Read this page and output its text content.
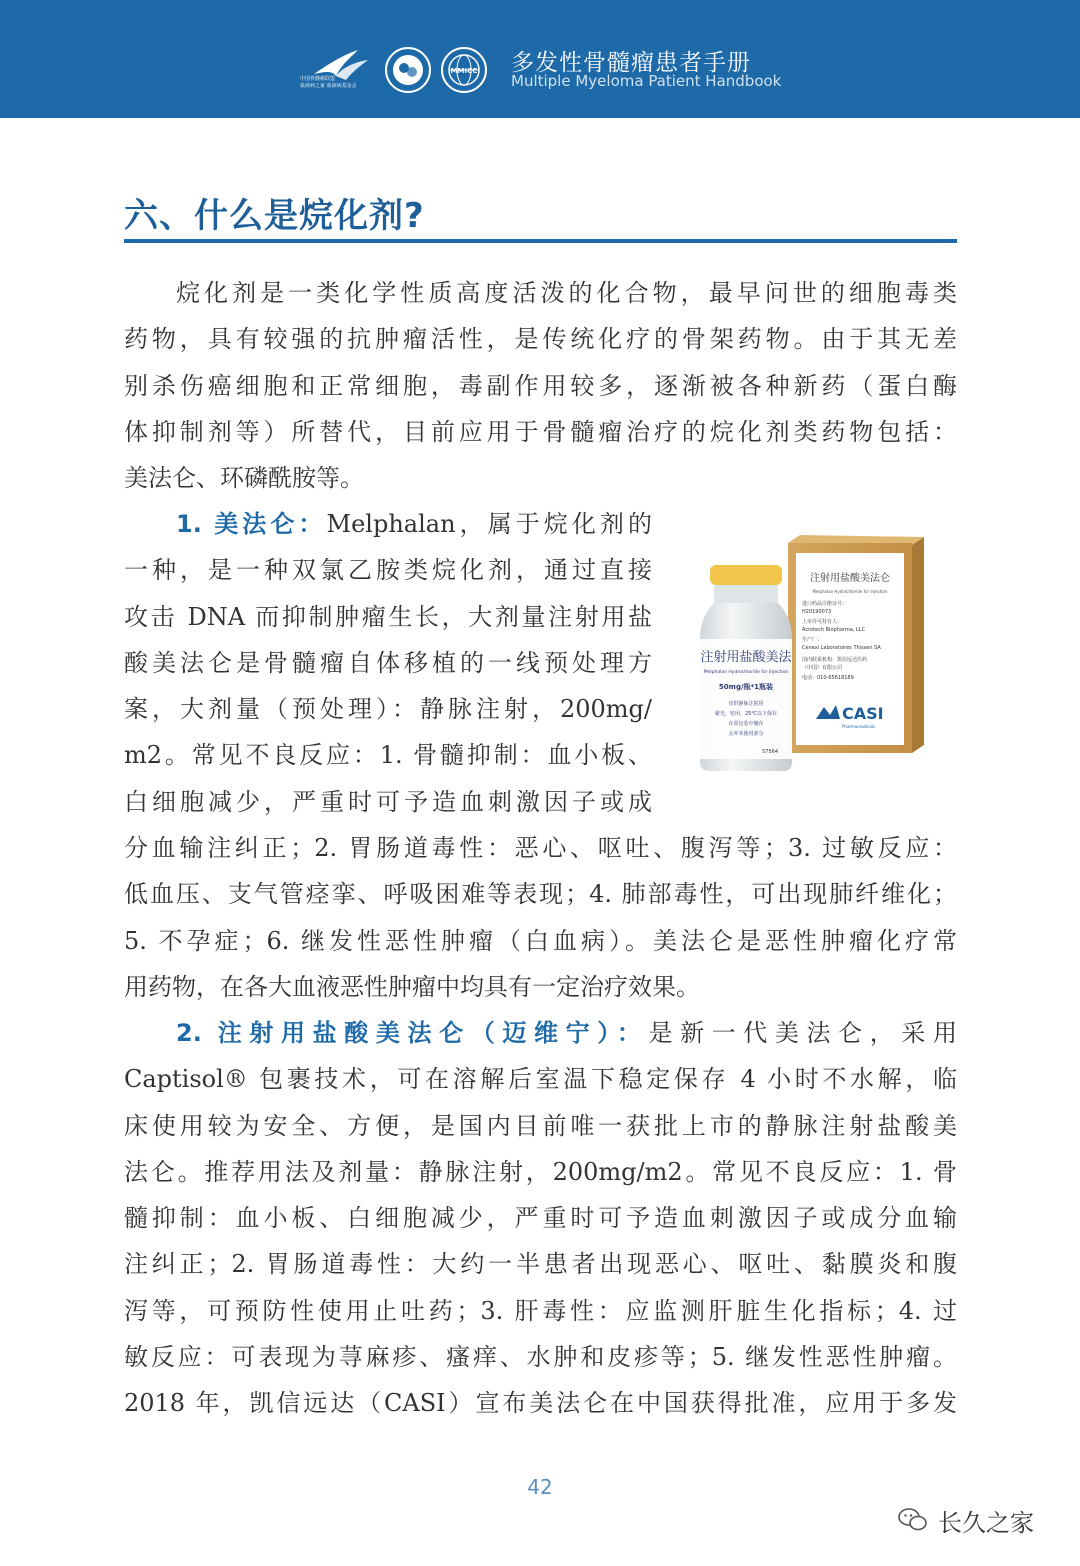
中国骨髓瘤联盟
血液病之家 血液病基金会
MMICC 多发性骨髓瘤患者手册
Multiple Myeloma Patient Handbook
六、什么是烷化剂?
烷化剂是一类化学性质高度活泼的化合物，最早问世的细胞毒类
药物，具有较强的抗肿瘤活性，是传统化疗的骨架药物。由于其无差
别杀伤癌细胞和正常细胞，毒副作用较多，逐渐被各种新药（蛋白酶
体抑制剂等）所替代，目前应用于骨髓瘤治疗的烷化剂类药物包括：
美法仑、环磷酰胺等。
1. 美法仑：Melphalan，属于烷化剂的
一种，是一种双氯乙胺类烷化剂，通过直接
攻击 DNA 而抑制肿瘤生长，大剂量注射用盐
酸美法仑是骨髓瘤自体移植的一线预处理方
案，大剂量（预处理）：静脉注射，200mg/
m2。常见不良反应：1. 骨髓抑制：血小板、
白细胞减少，严重时可予造血刺激因子或成
注射用盐酸美法仑
Melphalan Hydrochloride for Injection
进口药品注册证号：
H20190073
上市许可持有人：
Acrotech Biopharma, LLC
生产厂：
Cenexi Laboratoires Thissen SA
国内联系机构：凯信远达医药
（中国）有限公司
电话：010-65618189
CASI
Pharmaceuticals
注射用盐酸美法
Melphalan Hydrochloride for Injection
50mg/瓶*1瓶装
仅供静脉注射用
避光，密闭，25℃以下保存
在原包装中储存
丢弃未使用部分
57564
分血输注纠正；2. 胃肠道毒性：恶心、呕吐、腹泻等；3. 过敏反应：
低血压、支气管痉挛、呼吸困难等表现；4. 肺部毒性，可出现肺纤维化；
5. 不孕症；6. 继发性恶性肿瘤（白血病）。美法仑是恶性肿瘤化疗常
用药物，在各大血液恶性肿瘤中均具有一定治疗效果。
2. 注射用盐酸美法仑（迈维宁）：是新一代美法仑，采用
Captisol® 包裹技术，可在溶解后室温下稳定保存 4 小时不水解，临
床使用较为安全、方便，是国内目前唯一获批上市的静脉注射盐酸美
法仑。推荐用法及剂量：静脉注射，200mg/m2。常见不良反应：1. 骨
髓抑制：血小板、白细胞减少，严重时可予造血刺激因子或成分血输
注纠正；2. 胃肠道毒性：大约一半患者出现恶心、呕吐、黏膜炎和腹
泻等，可预防性使用止吐药；3. 肝毒性：应监测肝脏生化指标；4. 过
敏反应：可表现为荨麻疹、瘙痒、水肿和皮疹等；5. 继发性恶性肿瘤。
2018 年，凯信远达（CASI）宣布美法仑在中国获得批准，应用于多发
42
长久之家
